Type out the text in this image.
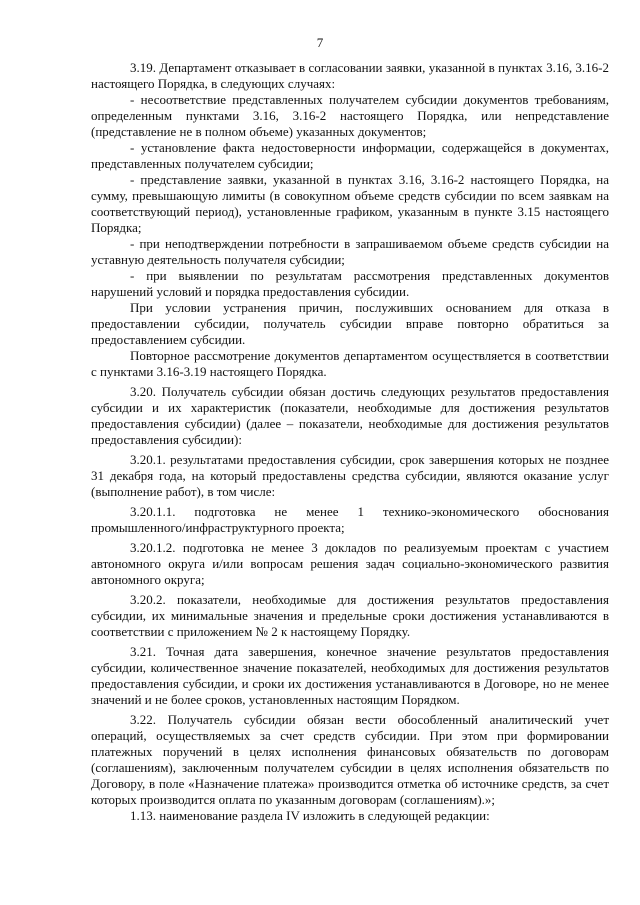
7

3.19. Департамент отказывает в согласовании заявки, указанной в пунктах 3.16, 3.16-2 настоящего Порядка, в следующих случаях:

- несоответствие представленных получателем субсидии документов требованиям, определенным пунктами 3.16, 3.16-2 настоящего Порядка, или непредставление (представление не в полном объеме) указанных документов;

- установление факта недостоверности информации, содержащейся в документах, представленных получателем субсидии;

- представление заявки, указанной в пунктах 3.16, 3.16-2 настоящего Порядка, на сумму, превышающую лимиты (в совокупном объеме средств субсидии по всем заявкам на соответствующий период), установленные графиком, указанным в пункте 3.15 настоящего Порядка;

- при неподтверждении потребности в запрашиваемом объеме средств субсидии на уставную деятельность получателя субсидии;

- при выявлении по результатам рассмотрения представленных документов нарушений условий и порядка предоставления субсидии.

При условии устранения причин, послуживших основанием для отказа в предоставлении субсидии, получатель субсидии вправе повторно обратиться за предоставлением субсидии.

Повторное рассмотрение документов департаментом осуществляется в соответствии с пунктами 3.16-3.19 настоящего Порядка.

3.20. Получатель субсидии обязан достичь следующих результатов предоставления субсидии и их характеристик (показатели, необходимые для достижения результатов предоставления субсидии) (далее – показатели, необходимые для достижения результатов предоставления субсидии):

3.20.1. результатами предоставления субсидии, срок завершения которых не позднее 31 декабря года, на который предоставлены средства субсидии, являются оказание услуг (выполнение работ), в том числе:

3.20.1.1. подготовка не менее 1 технико-экономического обоснования промышленного/инфраструктурного проекта;

3.20.1.2. подготовка не менее 3 докладов по реализуемым проектам с участием автономного округа и/или вопросам решения задач социально-экономического развития автономного округа;

3.20.2. показатели, необходимые для достижения результатов предоставления субсидии, их минимальные значения и предельные сроки достижения устанавливаются в соответствии с приложением № 2 к настоящему Порядку.

3.21. Точная дата завершения, конечное значение результатов предоставления субсидии, количественное значение показателей, необходимых для достижения результатов предоставления субсидии, и сроки их достижения устанавливаются в Договоре, но не менее значений и не более сроков, установленных настоящим Порядком.

3.22. Получатель субсидии обязан вести обособленный аналитический учет операций, осуществляемых за счет средств субсидии. При этом при формировании платежных поручений в целях исполнения финансовых обязательств по договорам (соглашениям), заключенным получателем субсидии в целях исполнения обязательств по Договору, в поле «Назначение платежа» производится отметка об источнике средств, за счет которых производится оплата по указанным договорам (соглашениям).»;

1.13. наименование раздела IV изложить в следующей редакции:
